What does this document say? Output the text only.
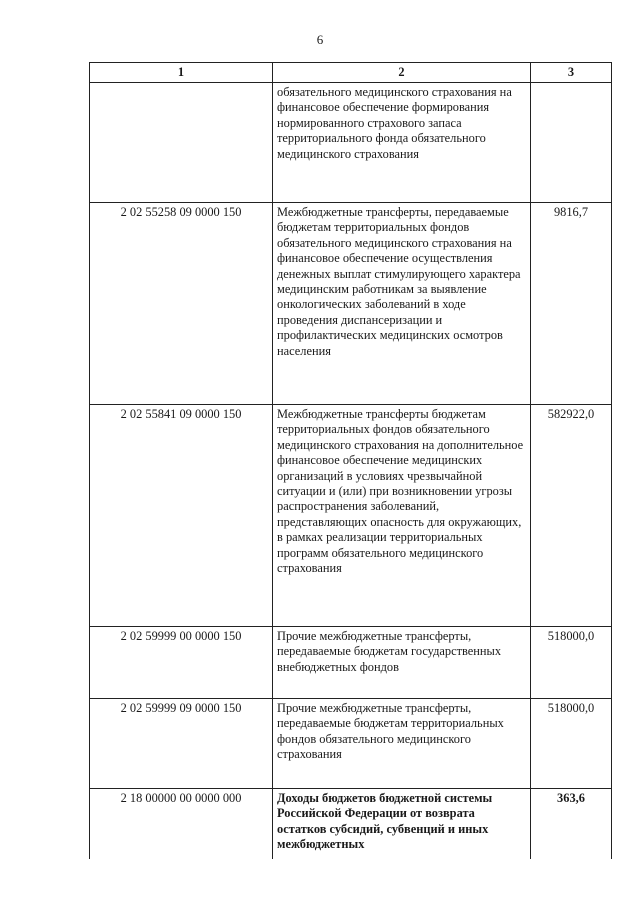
6
1	2	3
	обязательного медицинского страхования на финансовое обеспечение формирования нормированного страхового запаса территориального фонда обязательного медицинского страхования	
2 02 55258 09 0000 150	Межбюджетные трансферты, передаваемые бюджетам территориальных фондов обязательного медицинского страхования на финансовое обеспечение осуществления денежных выплат стимулирующего характера медицинским работникам за выявление онкологических заболеваний в ходе проведения диспансеризации и профилактических медицинских осмотров населения	9816,7
2 02 55841 09 0000 150	Межбюджетные трансферты бюджетам территориальных фондов обязательного медицинского страхования на дополнительное финансовое обеспечение медицинских организаций в условиях чрезвычайной ситуации и (или) при возникновении угрозы распространения заболеваний, представляющих опасность для окружающих, в рамках реализации территориальных программ обязательного медицинского страхования	582922,0
2 02 59999 00 0000 150	Прочие межбюджетные трансферты, передаваемые бюджетам государственных внебюджетных фондов	518000,0
2 02 59999 09 0000 150	Прочие межбюджетные трансферты, передаваемые бюджетам территориальных фондов обязательного медицинского страхования	518000,0
2 18 00000 00 0000 000	Доходы бюджетов бюджетной системы Российской Федерации от возврата остатков субсидий, субвенций и иных межбюджетных	363,6
